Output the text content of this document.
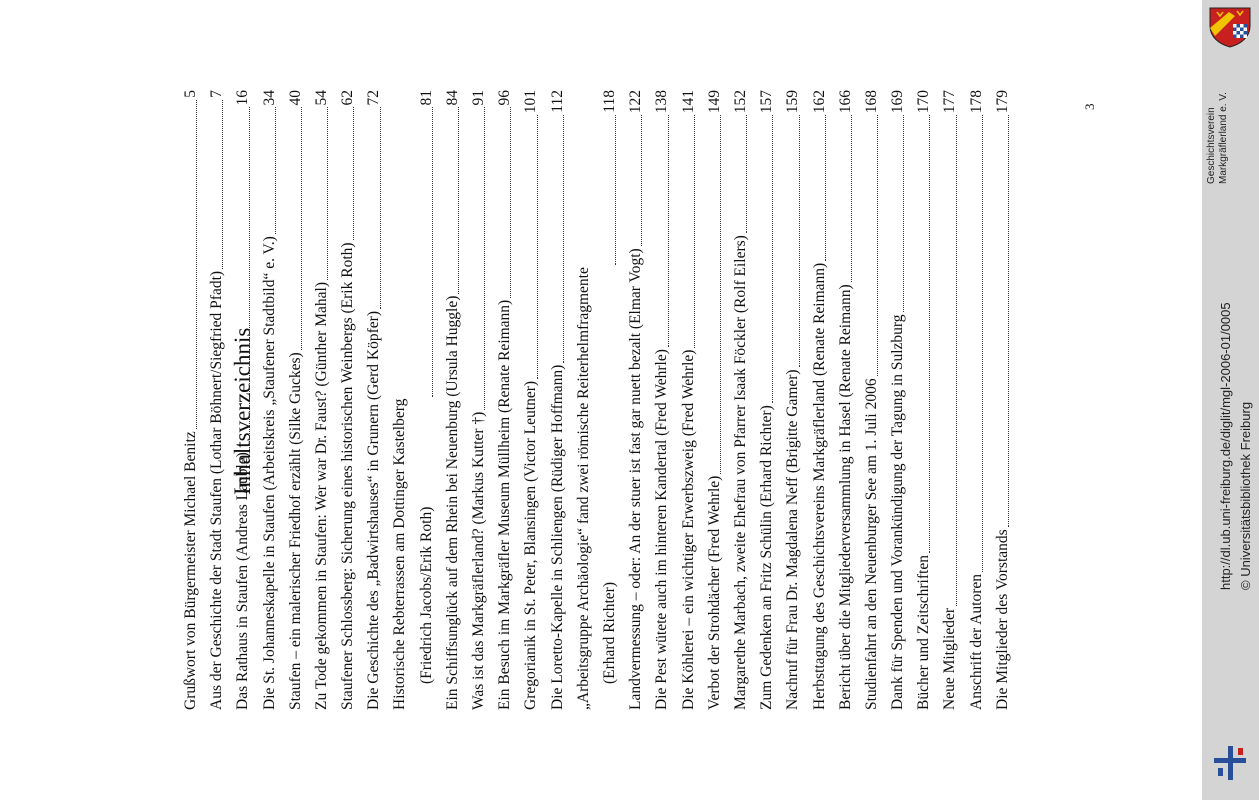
Inhaltsverzeichnis
Grußwort von Bürgermeister Michael Benitz
5
Aus der Geschichte der Stadt Staufen (Lothar Böhnert/Siegfried Pfadt)
7
Das Rathaus in Staufen (Andreas Lauble)
16
Die St. Johanneskapelle in Staufen (Arbeitskreis „Staufener Stadtbild“ e. V.)
34
Staufen – ein malerischer Friedhof erzählt (Silke Guckes)
40
Zu Tode gekommen in Staufen: Wer war Dr. Faust? (Günther Mahal)
54
Staufener Schlossberg: Sicherung eines historischen Weinbergs (Erik Roth)
62
Die Geschichte des „Badwirtshauses“ in Grunern (Gerd Köpfer)
72
Historische Rebterrassen am Dottinger Kastelberg (Friedrich Jacobs/Erik Roth)
81
Ein Schiffsunglück auf dem Rhein bei Neuenburg (Ursula Huggle)
84
Was ist das Markgräflerland? (Markus Kutter †)
91
Ein Besuch im Markgräfler Museum Müllheim (Renate Reimann)
96
Gregorianik in St. Peter, Blansingen (Victor Leutner)
101
Die Loretto-Kapelle in Schliengen (Rüdiger Hoffmann)
112
„Arbeitsgruppe Archäologie“ fand zwei römische Reiterhelmfragmente (Erhard Richter)
118
Landvermessung – oder: An der stuer ist fast gar nuett bezalt (Elmar Vogt)
122
Die Pest wütete auch im hinteren Kandertal (Fred Wehrle)
138
Die Köhlerei – ein wichtiger Erwerbszweig (Fred Wehrle)
141
Verbot der Strohdächer (Fred Wehrle)
149
Margarethe Marbach, zweite Ehefrau von Pfarrer Isaak Föckler (Rolf Eilers)
152
Zum Gedenken an Fritz Schülin (Erhard Richter)
157
Nachruf für Frau Dr. Magdalena Neff (Brigitte Gamer)
159
Herbsttagung des Geschichtsvereins Markgräflerland (Renate Reimann)
162
Bericht über die Mitgliederversammlung in Hasel (Renate Reimann)
166
Studienfahrt an den Neuenburger See am 1. Juli 2006
168
Dank für Spenden und Vorankündigung der Tagung in Sulzburg
169
Bücher und Zeitschriften
170
Neue Mitglieder
177
Anschrift der Autoren
178
Die Mitglieder des Vorstands
179	3
Geschichtsverein Markgräflerland e. V.
http://dl.ub.uni-freiburg.de/diglit/mgl-2006-01/0005 © Universitätsbibliothek Freiburg
